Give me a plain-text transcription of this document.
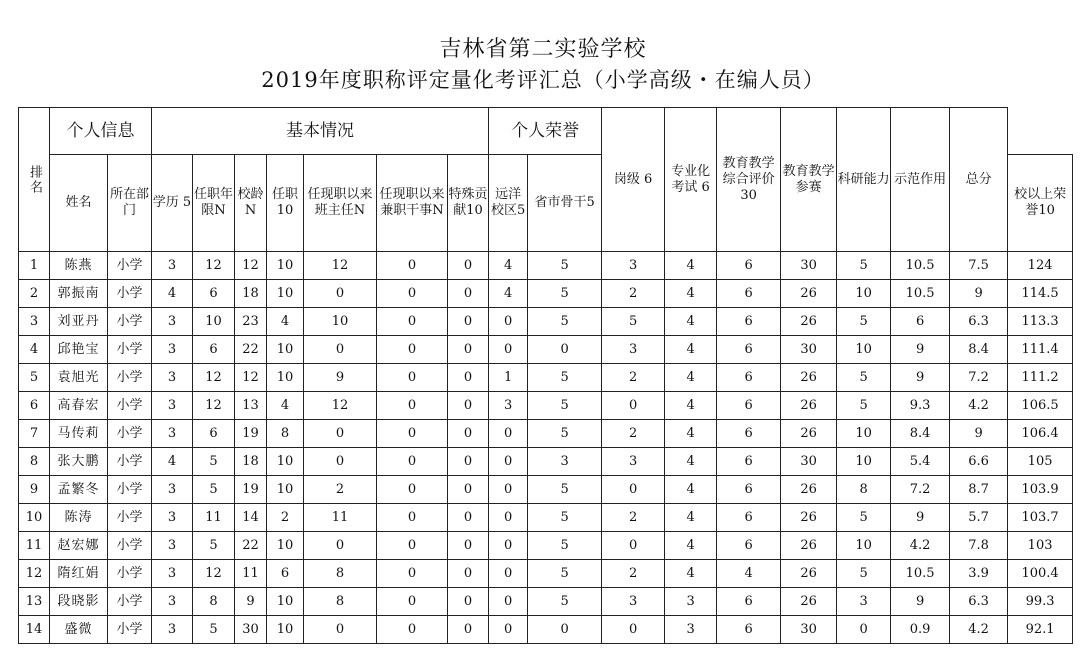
吉林省第二实验学校
2019年度职称评定量化考评汇总（小学高级・在编人员）
排名	个人信息		基本情况							个人荣誉		岗级 6	专业化考试 6	教育教学综合评价 30	教育教学参赛	科研能力	示范作用	总分	
	姓名	所在部门	学历 5	任职年限N	校龄N	任职10	任现职以来班主任N	任现职以来兼职干事N	特殊贡献10	远洋校区5	省市骨干5								校以上荣誉10
1	陈燕	小学	3	12	12	10	12	0	0	4	5	3	4	6	30	5	10.5	7.5	124
2	郭振南	小学	4	6	18	10	0	0	0	4	5	2	4	6	26	10	10.5	9	114.5
3	刘亚丹	小学	3	10	23	4	10	0	0	0	5	5	4	6	26	5	6	6.3	113.3
4	邱艳宝	小学	3	6	22	10	0	0	0	0	0	3	4	6	30	10	9	8.4	111.4
5	袁旭光	小学	3	12	12	10	9	0	0	1	5	2	4	6	26	5	9	7.2	111.2
6	高春宏	小学	3	12	13	4	12	0	0	3	5	0	4	6	26	5	9.3	4.2	106.5
7	马传莉	小学	3	6	19	8	0	0	0	0	5	2	4	6	26	10	8.4	9	106.4
8	张大鹏	小学	4	5	18	10	0	0	0	0	3	3	4	6	30	10	5.4	6.6	105
9	孟繁冬	小学	3	5	19	10	2	0	0	0	5	0	4	6	26	8	7.2	8.7	103.9
10	陈涛	小学	3	11	14	2	11	0	0	0	5	2	4	6	26	5	9	5.7	103.7
11	赵宏娜	小学	3	5	22	10	0	0	0	0	5	0	4	6	26	10	4.2	7.8	103
12	隋红娟	小学	3	12	11	6	8	0	0	0	5	2	4	4	26	5	10.5	3.9	100.4
13	段晓影	小学	3	8	9	10	8	0	0	0	5	3	3	6	26	3	9	6.3	99.3
14	盛微	小学	3	5	30	10	0	0	0	0	0	0	3	6	30	0	0.9	4.2	92.1
